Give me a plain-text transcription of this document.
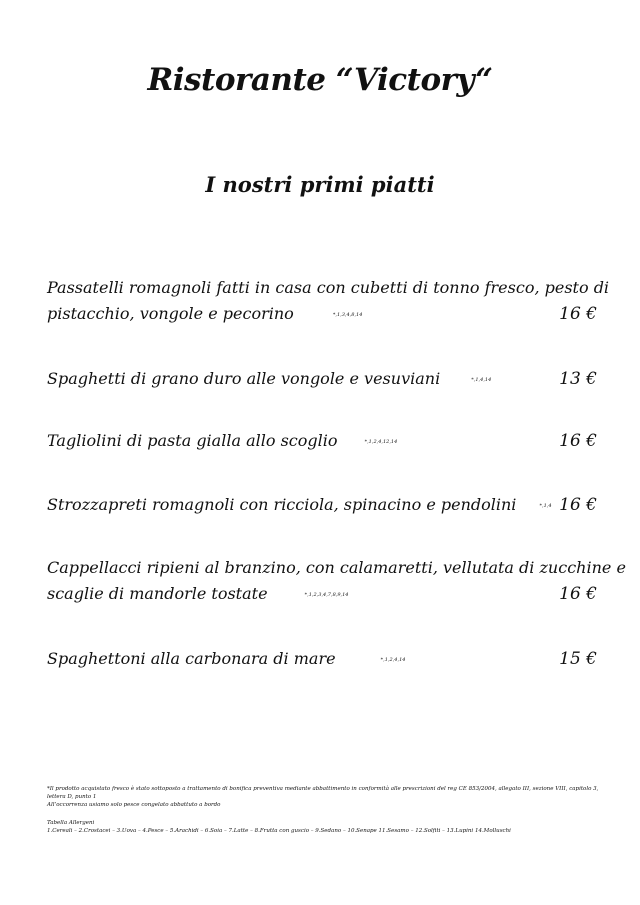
Ristorante “Victory“
I nostri primi piatti
Passatelli romagnoli fatti in casa con cubetti di tonno fresco, pesto di
pistacchio, vongole e pecorino	*,1,3,4,8,14	16 €
Spaghetti di grano duro alle vongole e vesuviani	*,1,4,14	13 €
Tagliolini di pasta gialla allo scoglio	*,1,2,4,12,14	16 €
Strozzapreti romagnoli con ricciola, spinacino e pendolini	*,1,4 16 €
Cappellacci ripieni al branzino, con calamaretti, vellutata di zucchine e
scaglie di mandorle tostate	*,1,2,3,4,7,8,9,14	16 €
Spaghettoni alla carbonara di mare	*,1,2,4,14	15 €

*Il prodotto acquistato fresco è stato sottoposto a trattamento di bonifica preventiva mediante abbattimento in conformità alle prescrizioni del reg CE 853/2004, allegato III, sezione VIII, capitolo 3, lettera D, punto 1

All’occorrenza usiamo solo pesce congelato abbattuto a bordo

Tabella Allergeni

1.Cereali – 2.Crostacei – 3.Uova – 4.Pesce – 5.Arachidi – 6.Soia – 7.Latte – 8.Frutta con guscio – 9.Sedano – 10.Senape 11.Sesamo – 12.Solfiti – 13.Lupini 14.Molluschi
